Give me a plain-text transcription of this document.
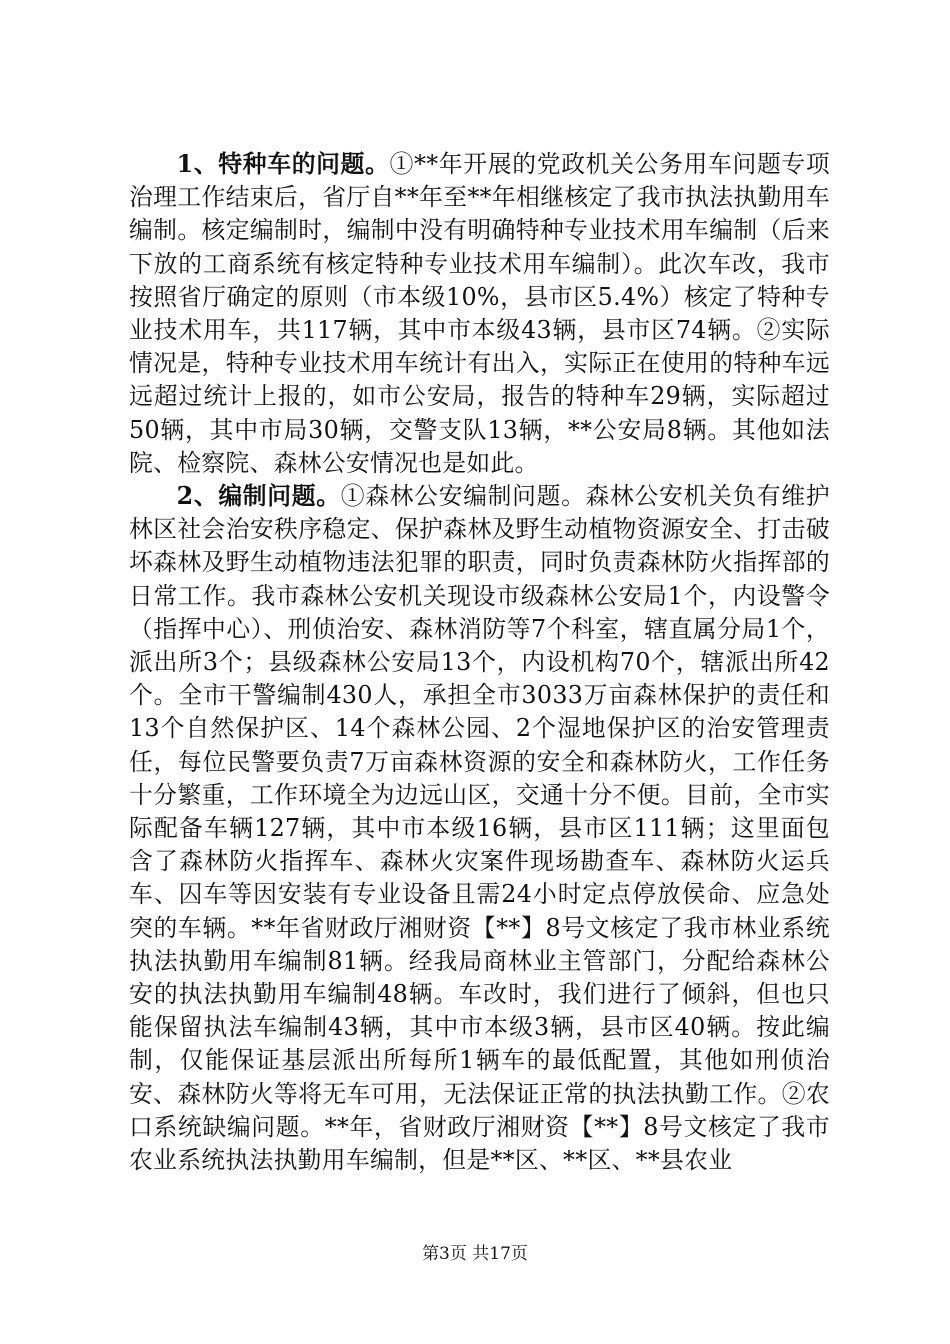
1、特种车的问题。①**年开展的党政机关公务用车问题专项治理工作结束后，省厅自**年至**年相继核定了我市执法执勤用车编制。核定编制时，编制中没有明确特种专业技术用车编制（后来下放的工商系统有核定特种专业技术用车编制）。此次车改，我市按照省厅确定的原则（市本级10%，县市区5.4%）核定了特种专业技术用车，共117辆，其中市本级43辆，县市区74辆。②实际情况是，特种专业技术用车统计有出入，实际正在使用的特种车远远超过统计上报的，如市公安局，报告的特种车29辆，实际超过50辆，其中市局30辆，交警支队13辆，**公安局8辆。其他如法院、检察院、森林公安情况也是如此。

2、编制问题。①森林公安编制问题。森林公安机关负有维护林区社会治安秩序稳定、保护森林及野生动植物资源安全、打击破坏森林及野生动植物违法犯罪的职责，同时负责森林防火指挥部的日常工作。我市森林公安机关现设市级森林公安局1个，内设警令（指挥中心）、刑侦治安、森林消防等7个科室，辖直属分局1个，派出所3个；县级森林公安局13个，内设机构70个，辖派出所42个。全市干警编制430人，承担全市3033万亩森林保护的责任和13个自然保护区、14个森林公园、2个湿地保护区的治安管理责任，每位民警要负责7万亩森林资源的安全和森林防火，工作任务十分繁重，工作环境全为边远山区，交通十分不便。目前，全市实际配备车辆127辆，其中市本级16辆，县市区111辆；这里面包含了森林防火指挥车、森林火灾案件现场勘查车、森林防火运兵车、囚车等因安装有专业设备且需24小时定点停放侯命、应急处突的车辆。**年省财政厅湘财资【**】8号文核定了我市林业系统执法执勤用车编制81辆。经我局商林业主管部门，分配给森林公安的执法执勤用车编制48辆。车改时，我们进行了倾斜，但也只能保留执法车编制43辆，其中市本级3辆，县市区40辆。按此编制，仅能保证基层派出所每所1辆车的最低配置，其他如刑侦治安、森林防火等将无车可用，无法保证正常的执法执勤工作。②农口系统缺编问题。**年，省财政厅湘财资【**】8号文核定了我市农业系统执法执勤用车编制，但是**区、**区、**县农业

第3页 共17页
